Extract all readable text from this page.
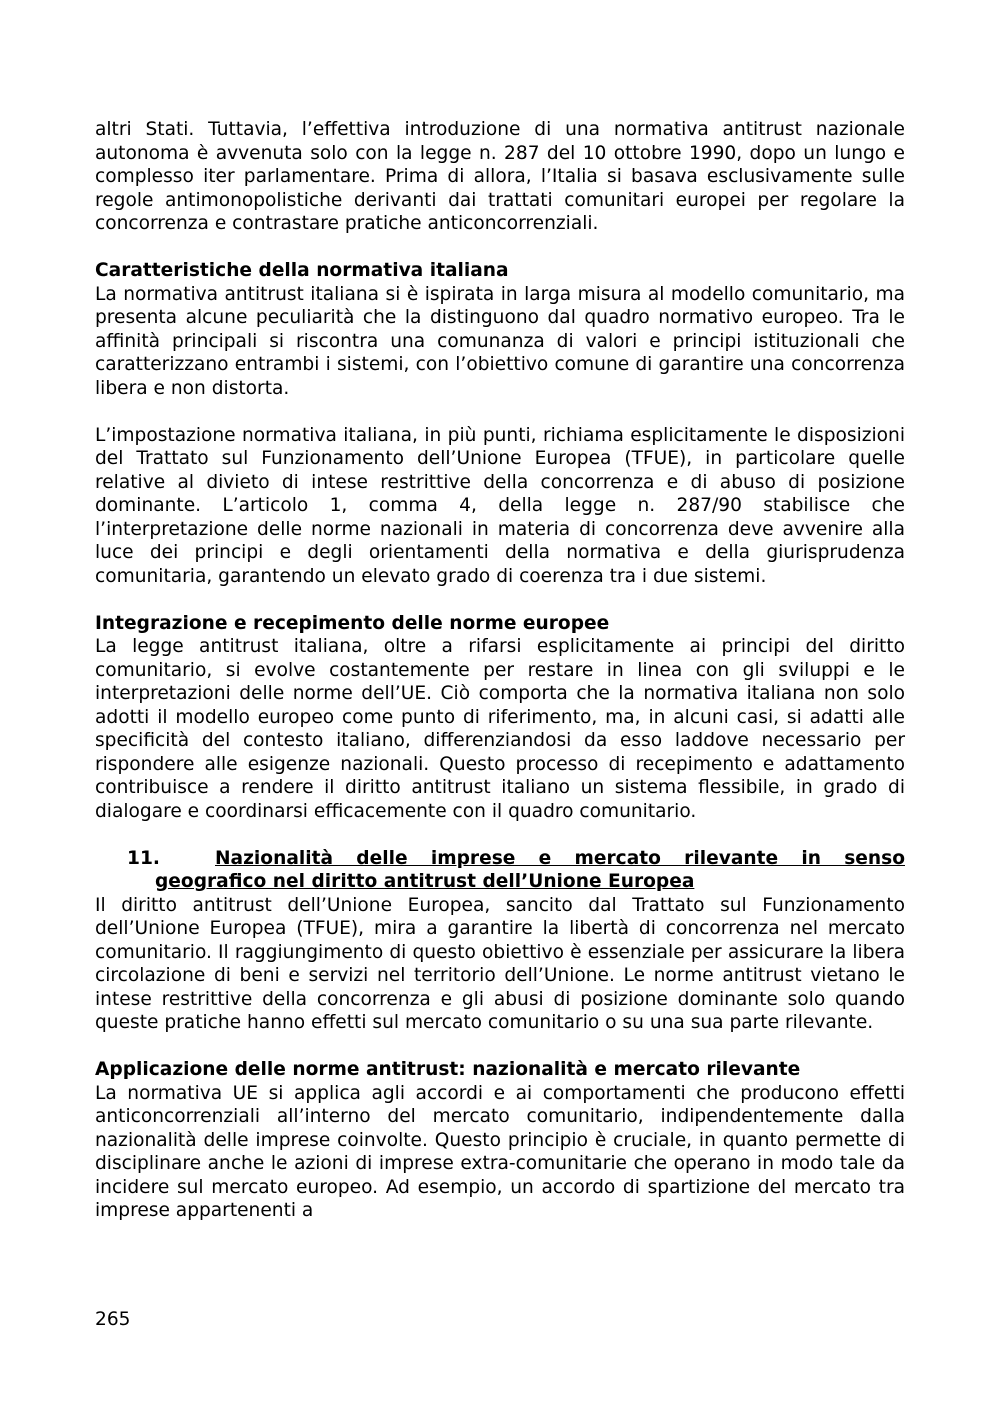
altri Stati. Tuttavia, l’effettiva introduzione di una normativa antitrust nazionale autonoma è avvenuta solo con la legge n. 287 del 10 ottobre 1990, dopo un lungo e complesso iter parlamentare. Prima di allora, l’Italia si basava esclusivamente sulle regole antimonopolistiche derivanti dai trattati comunitari europei per regolare la concorrenza e contrastare pratiche anticoncorrenziali.

Caratteristiche della normativa italiana

La normativa antitrust italiana si è ispirata in larga misura al modello comunitario, ma presenta alcune peculiarità che la distinguono dal quadro normativo europeo. Tra le affinità principali si riscontra una comunanza di valori e principi istituzionali che caratterizzano entrambi i sistemi, con l’obiettivo comune di garantire una concorrenza libera e non distorta.

L’impostazione normativa italiana, in più punti, richiama esplicitamente le disposizioni del Trattato sul Funzionamento dell’Unione Europea (TFUE), in particolare quelle relative al divieto di intese restrittive della concorrenza e di abuso di posizione dominante. L’articolo 1, comma 4, della legge n. 287/90 stabilisce che l’interpretazione delle norme nazionali in materia di concorrenza deve avvenire alla luce dei principi e degli orientamenti della normativa e della giurisprudenza comunitaria, garantendo un elevato grado di coerenza tra i due sistemi.

Integrazione e recepimento delle norme europee

La legge antitrust italiana, oltre a rifarsi esplicitamente ai principi del diritto comunitario, si evolve costantemente per restare in linea con gli sviluppi e le interpretazioni delle norme dell’UE. Ciò comporta che la normativa italiana non solo adotti il modello europeo come punto di riferimento, ma, in alcuni casi, si adatti alle specificità del contesto italiano, differenziandosi da esso laddove necessario per rispondere alle esigenze nazionali. Questo processo di recepimento e adattamento contribuisce a rendere il diritto antitrust italiano un sistema flessibile, in grado di dialogare e coordinarsi efficacemente con il quadro comunitario.

11.	Nazionalità delle imprese e mercato rilevante in senso geografico nel diritto antitrust dell’Unione Europea

Il diritto antitrust dell’Unione Europea, sancito dal Trattato sul Funzionamento dell’Unione Europea (TFUE), mira a garantire la libertà di concorrenza nel mercato comunitario. Il raggiungimento di questo obiettivo è essenziale per assicurare la libera circolazione di beni e servizi nel territorio dell’Unione. Le norme antitrust vietano le intese restrittive della concorrenza e gli abusi di posizione dominante solo quando queste pratiche hanno effetti sul mercato comunitario o su una sua parte rilevante.

Applicazione delle norme antitrust: nazionalità e mercato rilevante

La normativa UE si applica agli accordi e ai comportamenti che producono effetti anticoncorrenziali all’interno del mercato comunitario, indipendentemente dalla nazionalità delle imprese coinvolte. Questo principio è cruciale, in quanto permette di disciplinare anche le azioni di imprese extra-comunitarie che operano in modo tale da incidere sul mercato europeo. Ad esempio, un accordo di spartizione del mercato tra imprese appartenenti a

265
